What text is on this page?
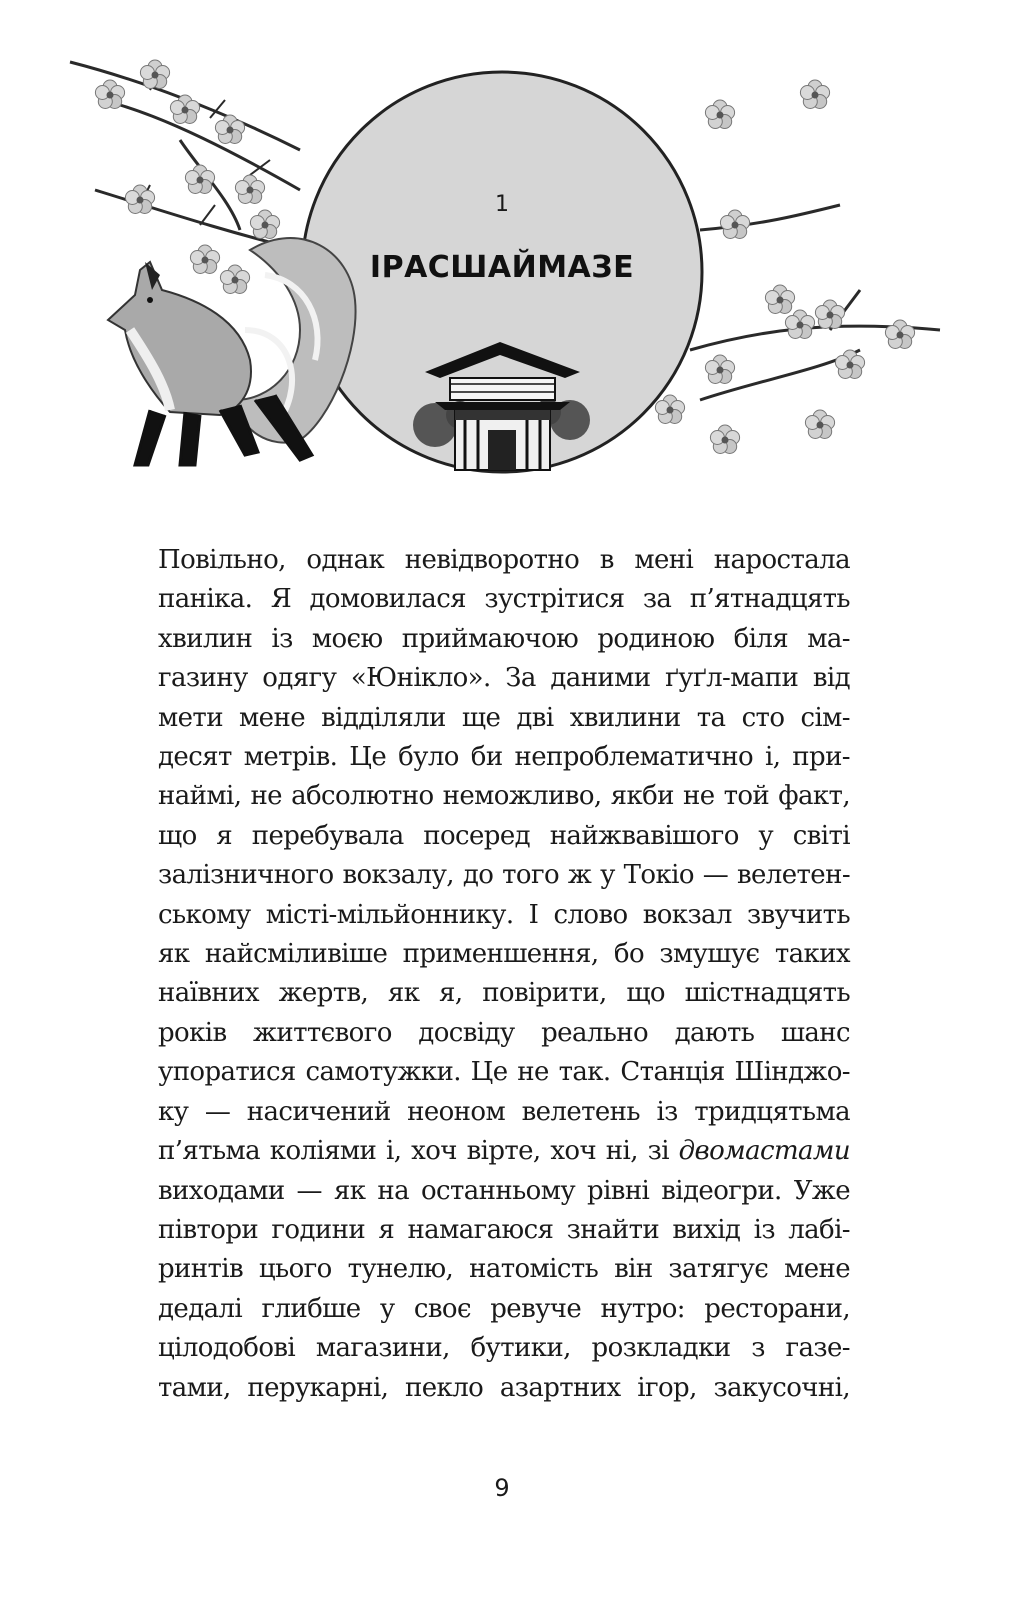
1
ІРАСШАЙМАЗЕ
Повільно, однак невідворотно в мені наростала
паніка. Я домовилася зустрітися за п’ятнадцять
хвилин із моєю приймаючою родиною біля ма-
газину одягу «Юнікло». За даними ґуґл-мапи від
мети мене відділяли ще дві хвилини та сто сім-
десят метрів. Це було би непроблематично і, при-
наймі, не абсолютно неможливо, якби не той факт,
що я перебувала посеред найжвавішого у світі
залізничного вокзалу, до того ж у Токіо — велетен-
ському місті-мільйоннику. І слово вокзал звучить
як найсміливіше применшення, бо змушує таких
наївних жертв, як я, повірити, що шістнадцять
років життєвого досвіду реально дають шанс
упоратися самотужки. Це не так. Станція Шінджо-
ку — насичений неоном велетень із тридцятьма
п’ятьма коліями і, хоч вірте, хоч ні, зі двомастами
виходами — як на останньому рівні відеогри. Уже
півтори години я намагаюся знайти вихід із лабі-
ринтів цього тунелю, натомість він затягує мене
дедалі глибше у своє ревуче нутро: ресторани,
цілодобові магазини, бутики, розкладки з газе-
тами, перукарні, пекло азартних ігор, закусочні,
9
